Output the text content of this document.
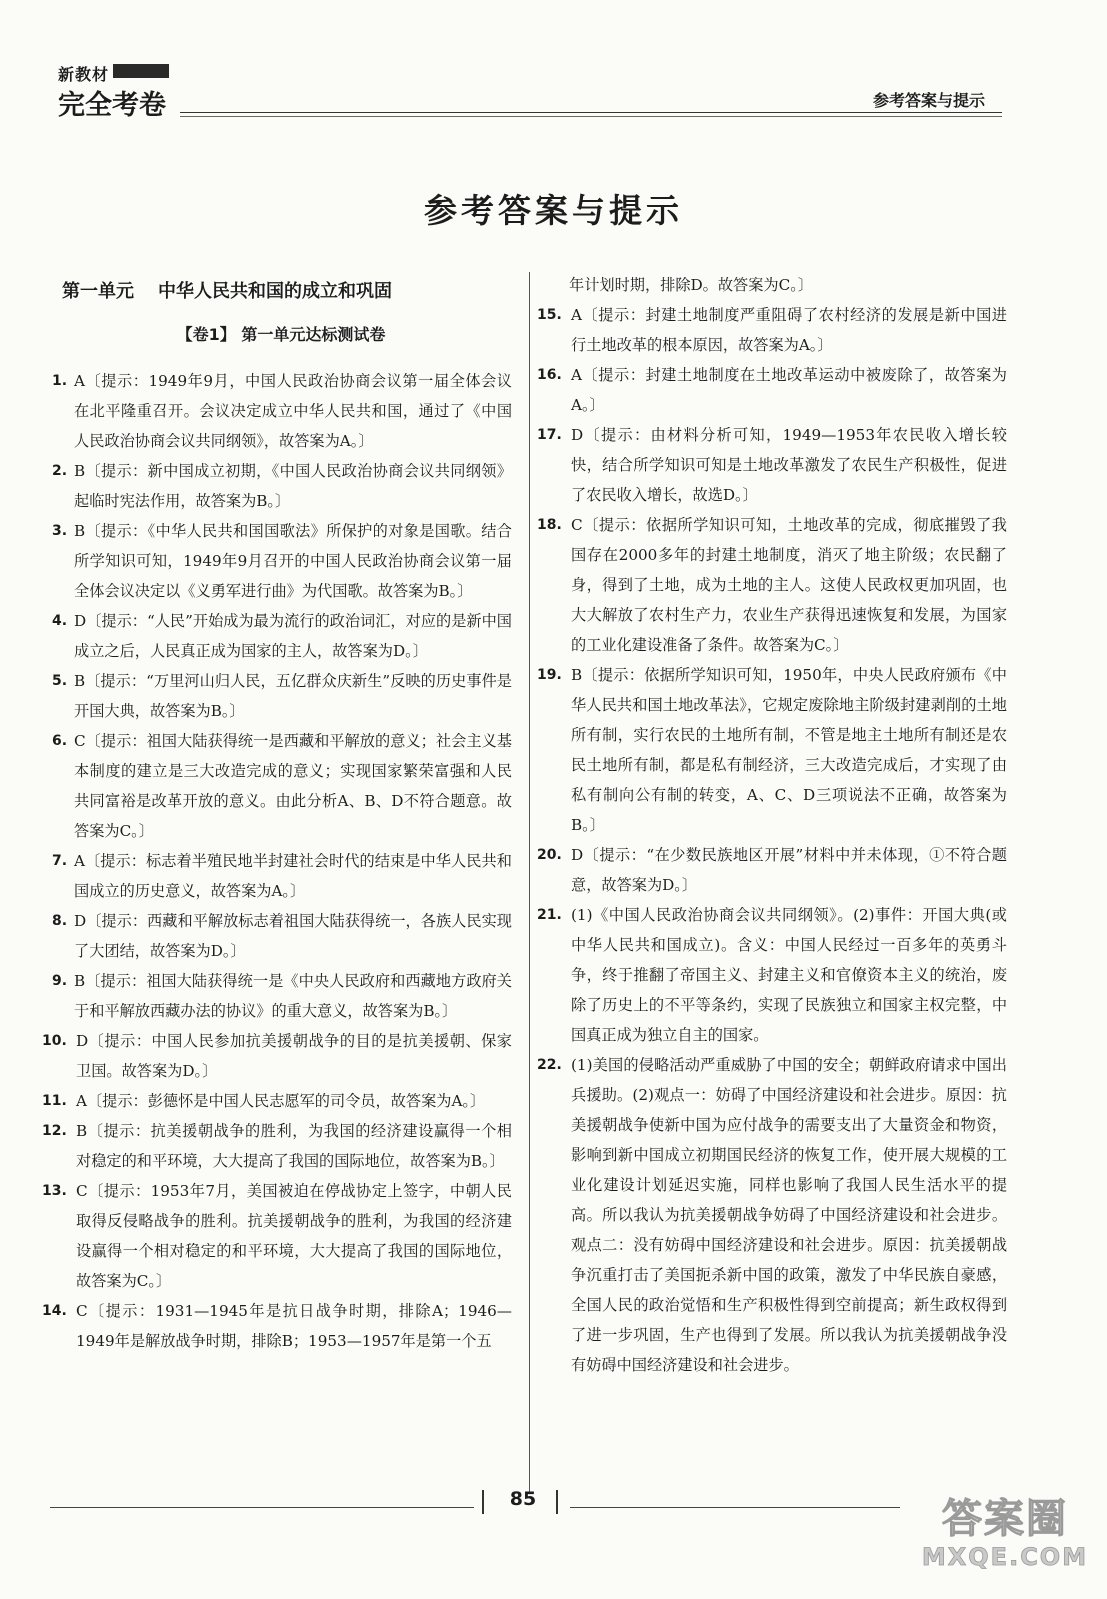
新教材
完全考卷	参考答案与提示
参考答案与提示
第一单元 中华人民共和国的成立和巩固
【卷1】 第一单元达标测试卷
1. A〔提示：1949年9月，中国人民政治协商会议第一届全体会议在北平隆重召开。会议决定成立中华人民共和国，通过了《中国人民政治协商会议共同纲领》，故答案为A。〕
2. B〔提示：新中国成立初期，《中国人民政治协商会议共同纲领》起临时宪法作用，故答案为B。〕
3. B〔提示：《中华人民共和国国歌法》所保护的对象是国歌。结合所学知识可知，1949年9月召开的中国人民政治协商会议第一届全体会议决定以《义勇军进行曲》为代国歌。故答案为B。〕
4. D〔提示：“人民”开始成为最为流行的政治词汇，对应的是新中国成立之后，人民真正成为国家的主人，故答案为D。〕
5. B〔提示：“万里河山归人民，五亿群众庆新生”反映的历史事件是开国大典，故答案为B。〕
6. C〔提示：祖国大陆获得统一是西藏和平解放的意义；社会主义基本制度的建立是三大改造完成的意义；实现国家繁荣富强和人民共同富裕是改革开放的意义。由此分析A、B、D不符合题意。故答案为C。〕
7. A〔提示：标志着半殖民地半封建社会时代的结束是中华人民共和国成立的历史意义，故答案为A。〕
8. D〔提示：西藏和平解放标志着祖国大陆获得统一，各族人民实现了大团结，故答案为D。〕
9. B〔提示：祖国大陆获得统一是《中央人民政府和西藏地方政府关于和平解放西藏办法的协议》的重大意义，故答案为B。〕
10. D〔提示：中国人民参加抗美援朝战争的目的是抗美援朝、保家卫国。故答案为D。〕
11. A〔提示：彭德怀是中国人民志愿军的司令员，故答案为A。〕
12. B〔提示：抗美援朝战争的胜利，为我国的经济建设赢得一个相对稳定的和平环境，大大提高了我国的国际地位，故答案为B。〕
13. C〔提示：1953年7月，美国被迫在停战协定上签字，中朝人民取得反侵略战争的胜利。抗美援朝战争的胜利，为我国的经济建设赢得一个相对稳定的和平环境，大大提高了我国的国际地位，故答案为C。〕
14. C〔提示：1931—1945年是抗日战争时期，排除A；1946—1949年是解放战争时期，排除B；1953—1957年是第一个五
年计划时期，排除D。故答案为C。〕
15. A〔提示：封建土地制度严重阻碍了农村经济的发展是新中国进行土地改革的根本原因，故答案为A。〕
16. A〔提示：封建土地制度在土地改革运动中被废除了，故答案为A。〕
17. D〔提示：由材料分析可知，1949—1953年农民收入增长较快，结合所学知识可知是土地改革激发了农民生产积极性，促进了农民收入增长，故选D。〕
18. C〔提示：依据所学知识可知，土地改革的完成，彻底摧毁了我国存在2000多年的封建土地制度，消灭了地主阶级；农民翻了身，得到了土地，成为土地的主人。这使人民政权更加巩固，也大大解放了农村生产力，农业生产获得迅速恢复和发展，为国家的工业化建设准备了条件。故答案为C。〕
19. B〔提示：依据所学知识可知，1950年，中央人民政府颁布《中华人民共和国土地改革法》，它规定废除地主阶级封建剥削的土地所有制，实行农民的土地所有制，不管是地主土地所有制还是农民土地所有制，都是私有制经济，三大改造完成后，才实现了由私有制向公有制的转变，A、C、D三项说法不正确，故答案为B。〕
20. D〔提示：“在少数民族地区开展”材料中并未体现，①不符合题意，故答案为D。〕
21. (1)《中国人民政治协商会议共同纲领》。(2)事件：开国大典(或中华人民共和国成立)。含义：中国人民经过一百多年的英勇斗争，终于推翻了帝国主义、封建主义和官僚资本主义的统治，废除了历史上的不平等条约，实现了民族独立和国家主权完整，中国真正成为独立自主的国家。
22. (1)美国的侵略活动严重威胁了中国的安全；朝鲜政府请求中国出兵援助。(2)观点一：妨碍了中国经济建设和社会进步。原因：抗美援朝战争使新中国为应付战争的需要支出了大量资金和物资，影响到新中国成立初期国民经济的恢复工作，使开展大规模的工业化建设计划延迟实施，同样也影响了我国人民生活水平的提高。所以我认为抗美援朝战争妨碍了中国经济建设和社会进步。观点二：没有妨碍中国经济建设和社会进步。原因：抗美援朝战争沉重打击了美国扼杀新中国的政策，激发了中华民族自豪感，全国人民的政治觉悟和生产积极性得到空前提高；新生政权得到了进一步巩固，生产也得到了发展。所以我认为抗美援朝战争没有妨碍中国经济建设和社会进步。
85	答案圈
MXQE.COM
